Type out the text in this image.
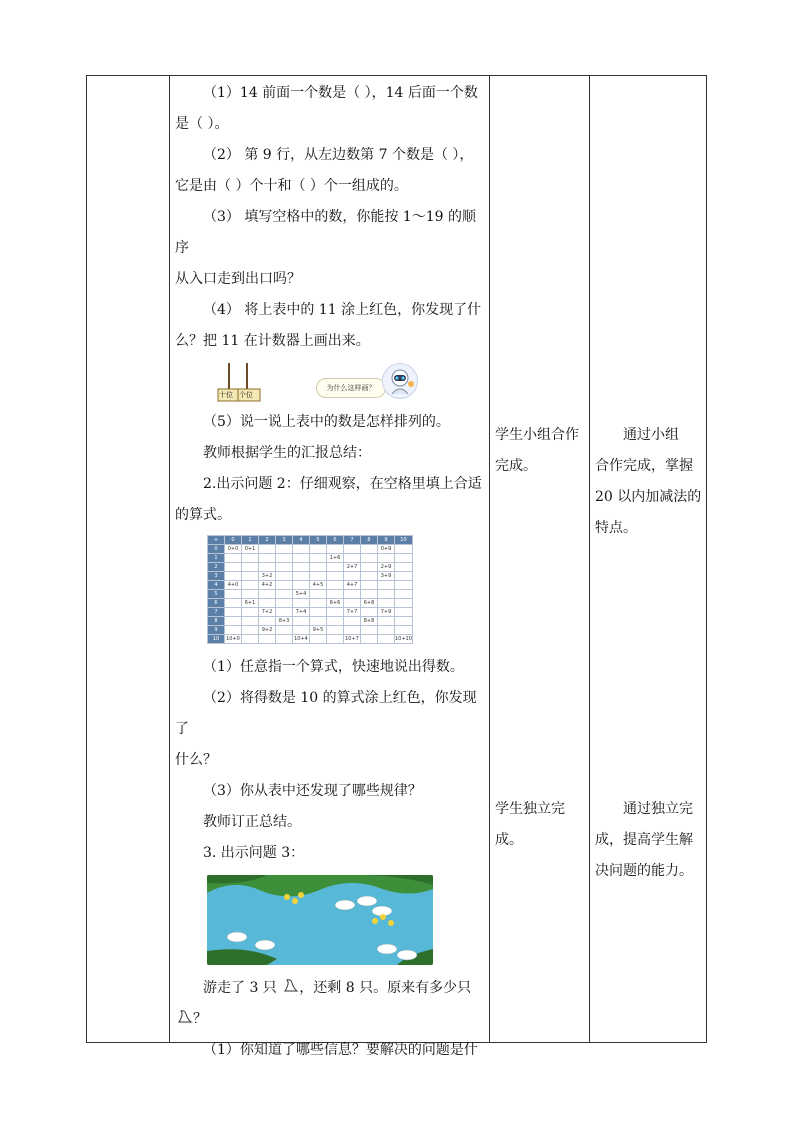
（1）14 前面一个数是（ ），14 后面一个数

是（ ）。

（2） 第 9 行，从左边数第 7 个数是（ ），

它是由（ ）个十和（ ）个一组成的。

（3） 填写空格中的数，你能按 1～19 的顺序

从入口走到出口吗？

（4） 将上表中的 11 涂上红色，你发现了什

么？把 11 在计数器上画出来。

十位 个位
为什么这样画？

（5）说一说上表中的数是怎样排列的。

教师根据学生的汇报总结：

2.出示问题 2：仔细观察，在空格里填上合适

的算式。

+	0	1	2	3	4	5	6	7	8	9	10
0	0+0	0+1								0+9	
1							1+6				
2								2+7		2+9	
3			3+2							3+9	
4	4+0		4+2			4+5		4+7			
5					5+4						
6		6+1					6+6		6+8		
7			7+2		7+4			7+7		7+9	
8				8+3					8+8		
9			9+2			9+5					
10	10+0				10+4			10+7			10+10

（1）任意指一个算式，快速地说出得数。

（2）将得数是 10 的算式涂上红色，你发现了

什么？

（3）你从表中还发现了哪些规律？

教师订正总结。

3. 出示问题 3：

游走了 3 只 ，还剩 8 只。原来有多少只

？

（1）你知道了哪些信息？要解决的问题是什

学生小组合作
完成。
通过小组
合作完成，掌握
20 以内加减法的
特点。
学生独立完成。
通过独立完
成，提高学生解
决问题的能力。
